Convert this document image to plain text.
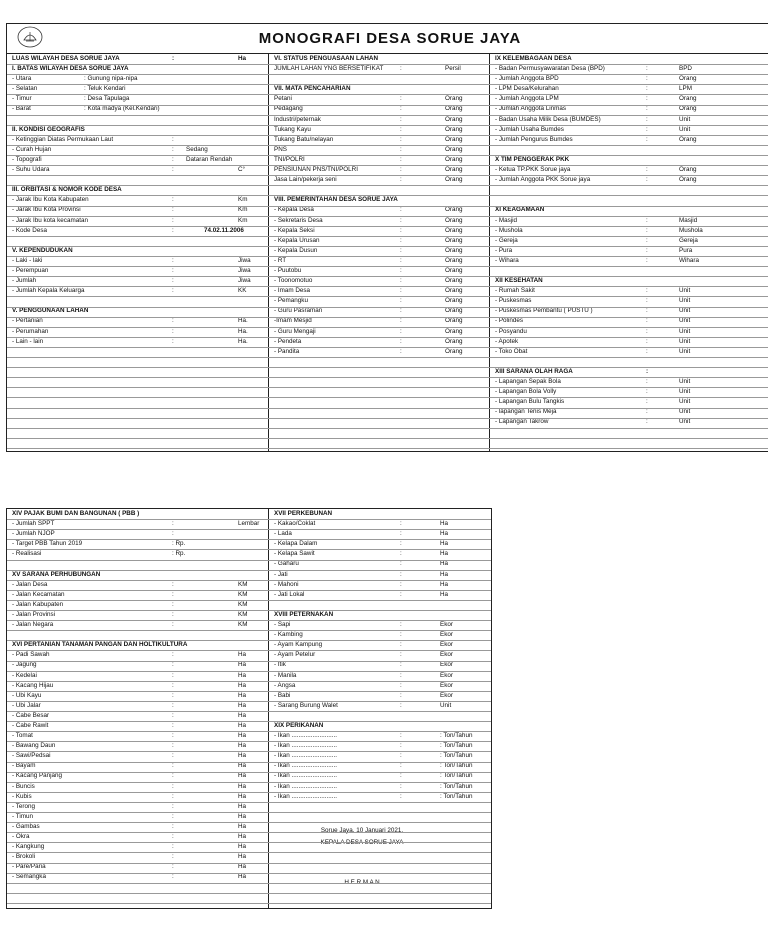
MONOGRAFI DESA SORUE JAYA
LUAS WILAYAH DESA SORUE JAYA	:	Ha
I. BATAS WILAYAH DESA SORUE JAYA
- Utara	: Gunung nipa-nipa
- Selatan	: Teluk Kendari
- Timur	: Desa Tapulaga
- Barat	: Kota madya (Kel.Kendari)
II. KONDISI GEOGRAFIS
- Ketinggian Diatas Permukaan Laut	:
- Curah Hujan	: Sedang
- Topografi	: Dataran Rendah
- Suhu Udara	:	C°
III. ORBITASI & NOMOR KODE DESA
- Jarak Ibu Kota Kabupaten	:	Km
- Jarak Ibu Kota Provinsi	:	Km
- Jarak Ibu kota kecamatan	:	Km
- Kode Desa	:	74.02.11.2006
V. KEPENDUDUKAN
- Laki - laki	:	Jiwa
- Perempuan	:	Jiwa
- Jumlah	:	Jiwa
- Jumlah Kepala Keluarga	:	KK
V. PENGGUNAAN LAHAN
- Pertanian	:	Ha.
- Perumahan	:	Ha.
- Lain - lain	:	Ha.
VI. STATUS PENGUASAAN LAHAN
JUMLAH LAHAN YNG BERSETIFIKAT	:	Persil
VII. MATA PENCAHARIAN
Petani	:	Orang
Pedagang	:	Orang
Industri/peternak	:	Orang
Tukang Kayu	:	Orang
Tukang Batu/nelayan	:	Orang
PNS	:	Orang
TNI/POLRI	:	Orang
PENSIUNAN PNS/TNI/POLRI	:	Orang
Jasa Lain/pekerja seni	:	Orang
VIII. PEMERINTAHAN DESA SORUE JAYA
- Kepala Desa	:	Orang
- Sekretaris Desa	:	Orang
- Kepala Seksi	:	Orang
- Kepala Urusan	:	Orang
- Kepala Dusun	:	Orang
- RT	:	Orang
- Puutobu	:	Orang
- Toonomotuo	:	Orang
- Imam Desa	:	Orang
- Pemangku	:	Orang
- Guru Pasraman	:	Orang
-Imam Mesjid	:	Orang
- Guru Mengaji	:	Orang
- Pendeta	:	Orang
- Pandita	:	Orang
IX KELEMBAGAAN DESA
- Badan Permusyawaratan Desa (BPD)	:	BPD
- Jumlah Anggota BPD	:	Orang
- LPM Desa/Kelurahan	:	LPM
- Jumlah Anggota LPM	:	Orang
- Jumlah Anggota Linmas	:	Orang
- Badan Usaha Milik Desa (BUMDES)	:	Unit
- Jumlah Usaha Bumdes	:	Unit
- Jumlah Pengurus Bumdes	:	Orang
X TIM PENGGERAK PKK
- Ketua TP.PKK Sorue jaya	:	Orang
- Jumlah Anggota PKK Sorue jaya	:	Orang
XI KEAGAMAAN
- Masjid	:	Masjid
- Mushola	:	Mushola
- Gereja	:	Gereja
- Pura	:	Pura
- Wihara	:	Wihara
XII KESEHATAN
- Rumah Sakit	:	Unit
- Puskesmas	:	Unit
- Puskesmas Pembantu ( PUSTU )	:	Unit
- Polindes	:	Unit
- Posyandu	:	Unit
- Apotek	:	Unit
- Toko Obat	:	Unit
XIII SARANA OLAH RAGA	:
- Lapangan Sepak Bola	:	Unit
- Lapangan Bola Volly	:	Unit
- Lapangan Bulu Tangkis	:	Unit
- lapangan Tenis Meja	:	Unit
- Lapangan Takrow	:	Unit
XIV PAJAK BUMI DAN BANGUNAN ( PBB )
- Jumlah SPPT	:	Lembar
- Jumlah NJOP	:
- Target PBB Tahun 2019	: Rp.
- Realisasi	: Rp.
XV SARANA PERHUBUNGAN
- Jalan Desa	:	KM
- Jalan Kecamatan	:	KM
- Jalan Kabupaten	:	KM
- Jalan Provinsi	:	KM
- Jalan Negara	:	KM
XVI PERTANIAN TANAMAN PANGAN DAN HOLTIKULTURA
- Padi Sawah	:	Ha
- Jagung	:	Ha
- Kedelai	:	Ha
- Kacang Hijau	:	Ha
- Ubi Kayu	:	Ha
- Ubi Jalar	:	Ha
- Cabe Besar	:	Ha
- Cabe Rawit	:	Ha
- Tomat	:	Ha
- Bawang Daun	:	Ha
- Sawi/Pedsai	:	Ha
- Bayam	:	Ha
- Kacang Panjang	:	Ha
- Buncis	:	Ha
- Kubis	:	Ha
- Terong	:	Ha
- Timun	:	Ha
- Gambas	:	Ha
- Okra	:	Ha
- Kangkung	:	Ha
- Brokoli	:	Ha
- Pare/Paria	:	Ha
- Semangka	:	Ha
XVII PERKEBUNAN
- Kakao/Coklat	:	Ha
- Lada	:	Ha
- Kelapa Dalam	:	Ha
- Kelapa Sawit	:	Ha
- Gaharu	:	Ha
- Jati	:	Ha
- Mahoni	:	Ha
- Jati Lokal	:	Ha
XVIII PETERNAKAN
- Sapi	:	Ekor
- Kambing	:	Ekor
- Ayam Kampung	:	Ekor
- Ayam Petelur	:	Ekor
- Itik	:	Ekor
- Manila	:	Ekor
- Angsa	:	Ekor
- Babi	:	Ekor
- Sarang Burung Walet	:	Unit
XIX PERIKANAN
- Ikan ..........................	:	: Ton/Tahun
- Ikan ..........................	:	: Ton/Tahun
- Ikan ..........................	:	: Ton/Tahun
- Ikan ..........................	:	: Ton/Tahun
- Ikan ..........................	:	: Ton/Tahun
- Ikan ..........................	:	: Ton/Tahun
- Ikan ..........................	:	: Ton/Tahun
Sorue Jaya, 10 Januari 2021.
KEPALA DESA SORUE JAYA
H E R M A N
